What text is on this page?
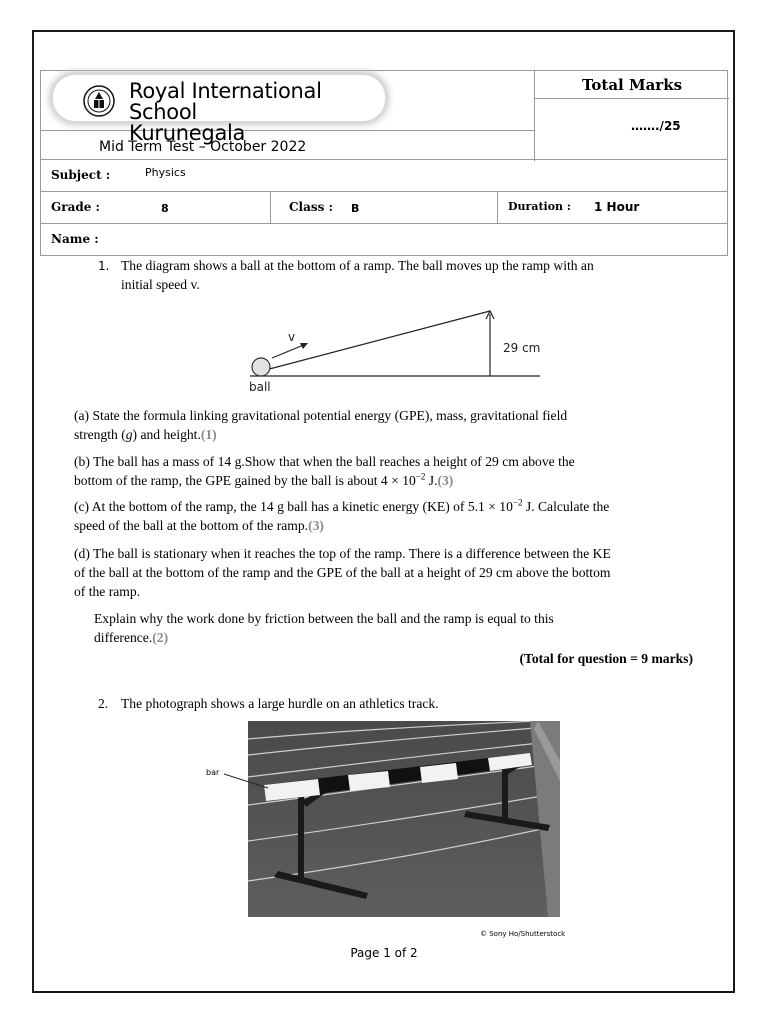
Royal International School
Kurunegala
Mid Term Test – October 2022
Total Marks
……./25
Subject :	Physics
Grade :	8	Class : B	Duration : 1 Hour
Name :
1. The diagram shows a ball at the bottom of a ramp. The ball moves up the ramp with an
initial speed v.
v
29 cm
ball
(a) State the formula linking gravitational potential energy (GPE), mass, gravitational field
strength (g) and height.(1)
(b) The ball has a mass of 14 g.Show that when the ball reaches a height of 29 cm above the
bottom of the ramp, the GPE gained by the ball is about $4 \times 10^{-2}$ J.(3)
(c) At the bottom of the ramp, the 14 g ball has a kinetic energy (KE) of $5.1 \times 10^{-2}$ J. Calculate the
speed of the ball at the bottom of the ramp.(3)
(d) The ball is stationary when it reaches the top of the ramp. There is a difference between the KE
of the ball at the bottom of the ramp and the GPE of the ball at a height of 29 cm above the bottom
of the ramp.
Explain why the work done by friction between the ball and the ramp is equal to this
difference.(2)
(Total for question = 9 marks)
2. The photograph shows a large hurdle on an athletics track.
bar
© Sony Ho/Shutterstock
Page 1 of 2
